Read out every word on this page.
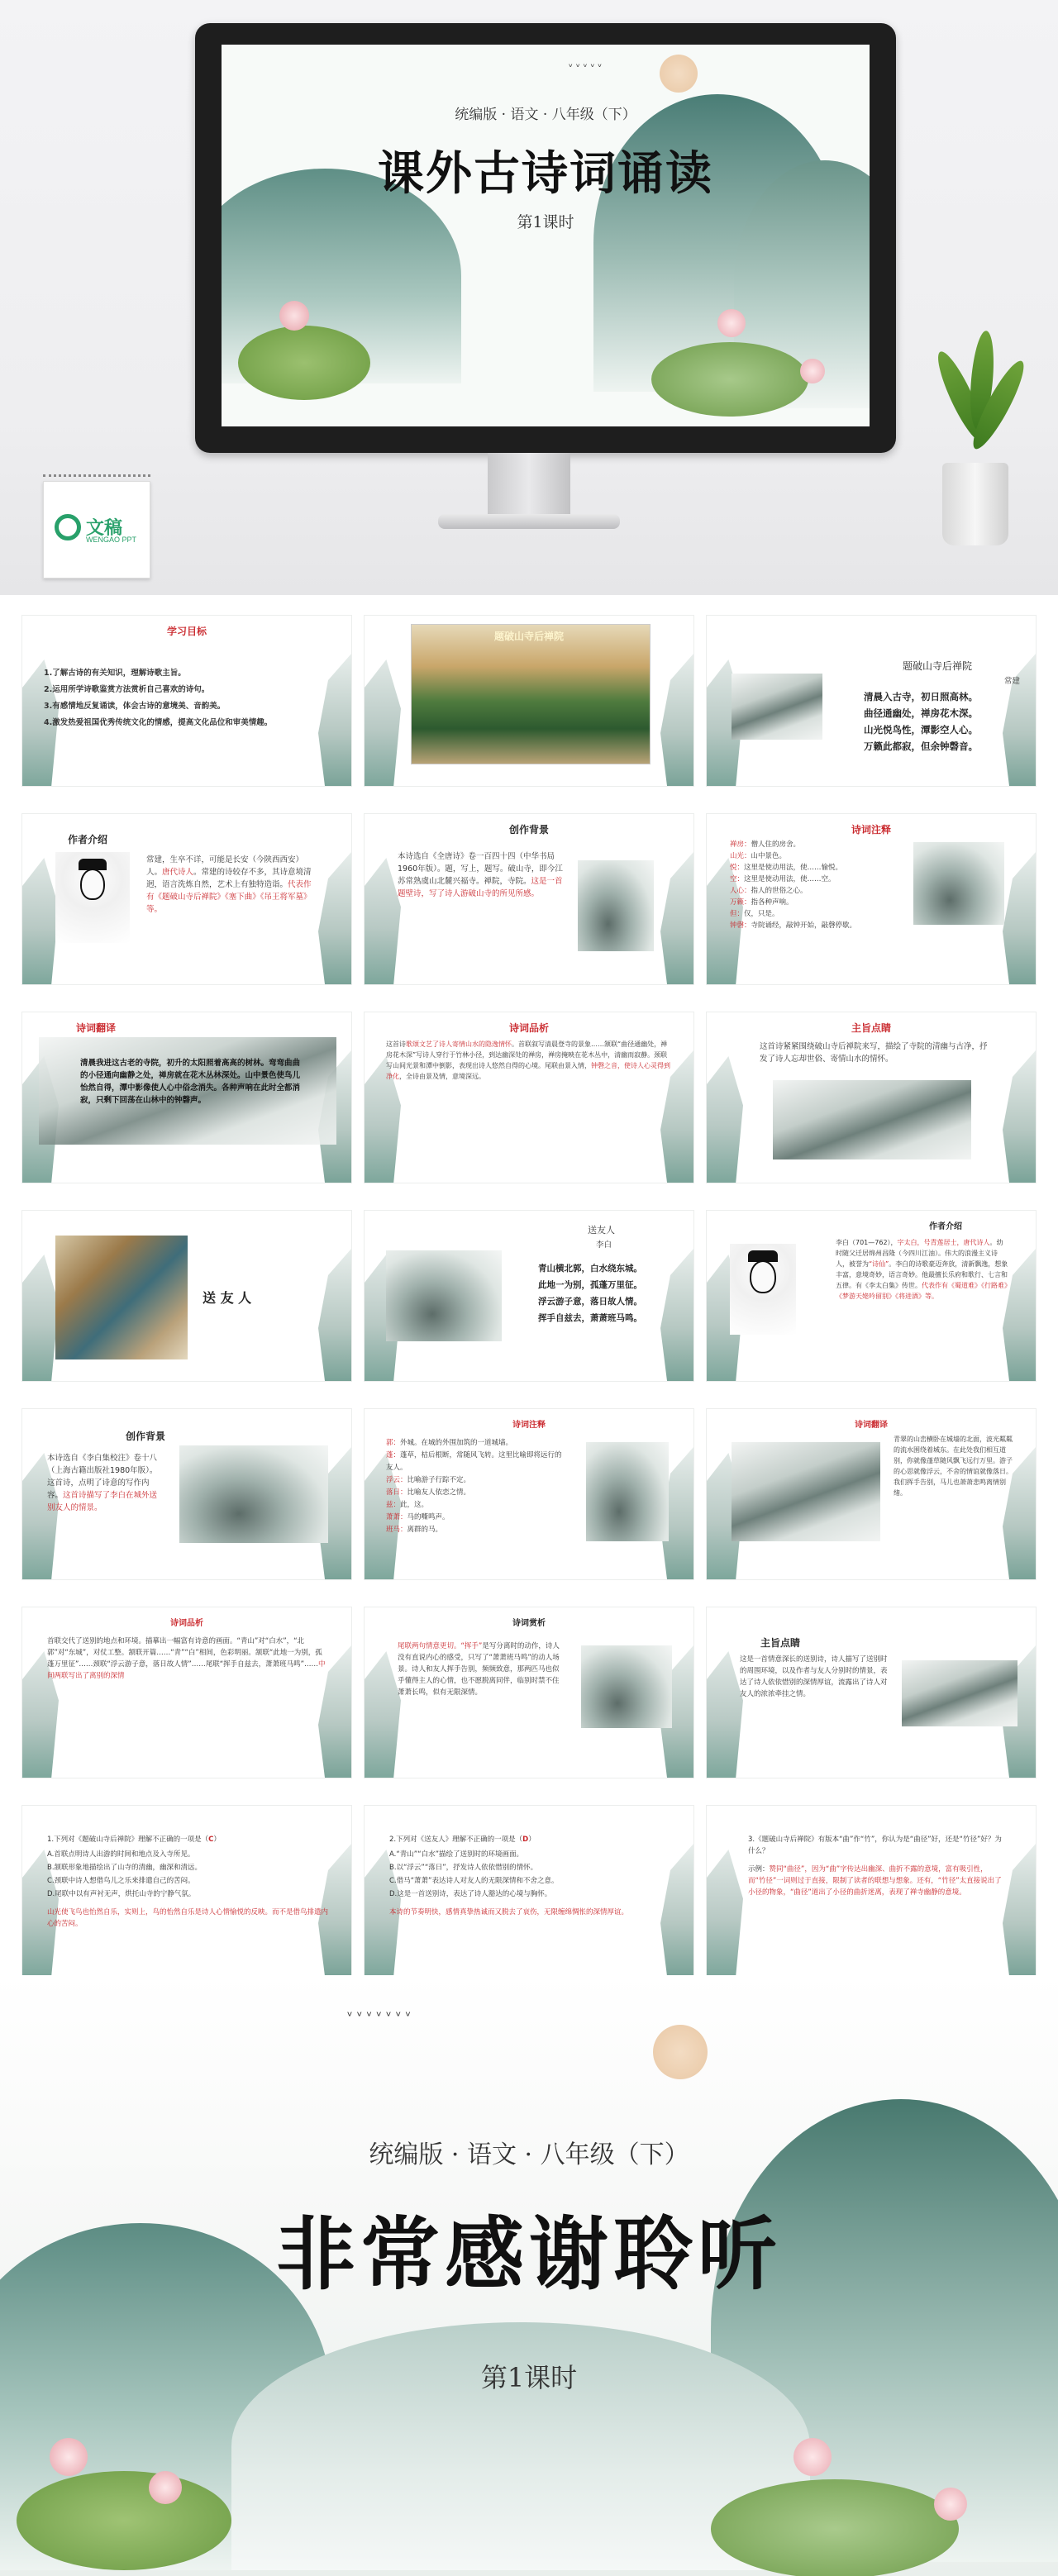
ᵛ ᵛ ᵛ ᵛ ᵛ
统编版 · 语文 · 八年级（下）
课外古诗词诵读
第1课时
文稿
WENGAO PPT
学习目标
1.了解古诗的有关知识，理解诗歌主旨。
2.运用所学诗歌鉴赏方法赏析自己喜欢的诗句。
3.有感情地反复诵读，体会古诗的意境美、音韵美。
4.激发热爱祖国优秀传统文化的情感，提高文化品位和审美情趣。
题破山寺后禅院
题破山寺后禅院
常建
清晨入古寺，初日照高林。
曲径通幽处，禅房花木深。
山光悦鸟性，潭影空人心。
万籁此都寂，但余钟磬音。
作者介绍
常建，生卒不详，可能是长安（今陕西西安）人。唐代诗人。常建的诗较存不多，其诗意境清迥，语言洗炼自然，艺术上有独特造诣。代表作有《题破山寺后禅院》《塞下曲》《吊王将军墓》等。
创作背景
本诗选自《全唐诗》卷一百四十四（中华书局1960年版）。题，写上，题写。破山寺，即今江苏常熟虞山北麓兴福寺。禅院，寺院。这是一首题壁诗，写了诗人游破山寺的所见所感。
诗词注释
禅房：僧人住的房舍。
山光：山中景色。
悦：这里是使动用法，使……愉悦。
空：这里是使动用法，使……空。
人心：指人的世俗之心。
万籁：指各种声响。
但：仅，只是。
钟磬：寺院诵经，敲钟开始，敲磬停歇。
诗词翻译
清晨我进这古老的寺院，初升的太阳照着高高的树林。弯弯曲曲的小径通向幽静之处，禅房就在花木丛林深处。山中景色使鸟儿怡然自得，潭中影像使人心中俗念消失。各种声响在此时全都消寂，只剩下回荡在山林中的钟磬声。
诗词品析
这首诗歌颂文艺了诗人寄情山水的隐逸情怀。首联叙写清晨登寺的景象……颔联“曲径通幽处，禅房花木深”写诗人穿行于竹林小径，到达幽深处的禅房，禅房掩映在花木丛中，清幽而寂静。颈联写山间光景和潭中倒影，表现出诗人悠然自得的心境。尾联由景入情，钟磬之音，使诗人心灵得到净化，全诗由景及情，意境深远。
主旨点睛
这首诗紧紧围绕破山寺后禅院来写，描绘了寺院的清幽与古净，抒发了诗人忘却世俗、寄情山水的情怀。
送 友 人
送友人
李白
青山横北郭，白水绕东城。
此地一为别，孤蓬万里征。
浮云游子意，落日故人情。
挥手自兹去，萧萧班马鸣。
作者介绍
李白（701—762），字太白，号青莲居士，唐代诗人。幼时随父迁居绵州昌隆（今四川江油）。伟大的浪漫主义诗人，被誉为“诗仙”。李白的诗歌豪迈奔放，清新飘逸，想象丰富，意境奇妙，语言奇妙。他最擅长乐府和歌行、七言和五律。有《李太白集》传世。代表作有《蜀道难》《行路难》《梦游天姥吟留别》《将进酒》等。
创作背景
本诗选自《李白集校注》卷十八（上海古籍出版社1980年版）。这首诗，点明了诗意的写作内容。这首诗描写了李白在城外送别友人的情景。
诗词注释
郭：外城。在城的外围加筑的一道城墙。
蓬：蓬草，枯后根断，常随风飞转。这里比喻即将远行的友人。
浮云：比喻游子行踪不定。
落日：比喻友人依恋之情。
兹：此，这。
萧萧：马的嘶鸣声。
班马：离群的马。
诗词翻译
青翠的山峦横卧在城墙的北面，波光粼粼的流水围绕着城东。在此处我们相互道别，你就像蓬草随风飘飞远行万里。游子的心思就像浮云，不舍的情谊就像落日。我们挥手告别，马儿也萧萧悲鸣离情别绪。
诗词品析
首联交代了送别的地点和环境。描摹出一幅富有诗意的画面。“青山”对“白水”，“北郭”对“东城”，对仗工整。颔联开篇……“青”“白”相间，色彩明丽。颔联“此地一为别，孤蓬万里征”……颈联“浮云游子意，落日故人情”……尾联“挥手自兹去，萧萧班马鸣”……中间两联写出了离别的深情
诗词赏析
尾联两句情意更切。“挥手”是写分离时的动作，诗人没有直说内心的感受，只写了“萧萧班马鸣”的动人场景。诗人和友人挥手告别，频频致意，那两匹马也似乎懂得主人的心情，也不愿脱离同伴，临别时禁不住萧萧长鸣，似有无限深情。
主旨点睛
这是一首情意深长的送别诗，诗人描写了送别时的周围环境，以及作者与友人分别时的情景，表达了诗人依依惜别的深情厚谊，流露出了诗人对友人的浓浓牵挂之情。
1.下列对《题破山寺后禅院》理解不正确的一项是（C）
A.首联点明诗人出游的时间和地点及入寺所见。
B.颔联形象地描绘出了山寺的清幽，幽深和清远。
C.颈联中诗人想借鸟儿之乐来排遣自己的苦闷。
D.尾联中以有声衬无声，烘托山寺的宁静气氛。
山光使飞鸟也怡然自乐，实则上，鸟的怡然自乐是诗人心情愉悦的反映。而不是借鸟排遣内心的苦闷。
2.下列对《送友人》理解不正确的一项是（D）
A.“青山”“白水”描绘了送别时的环境画面。
B.以“浮云”“落日”，抒发诗人依依惜别的情怀。
C.借马“萧萧”表达诗人对友人的无限深情和不舍之意。
D.这是一首送别诗，表达了诗人豁达的心境与胸怀。
本诗的节奏明快，感情真挚热诚而又脱去了哀伤，无限缠绵惆怅的深情厚谊。
3.《题破山寺后禅院》有版本“曲”作“竹”，你认为是“曲径”好，还是“竹径”好？为什么？
示例：赞同“曲径”，因为“曲”字传达出幽深、曲折不露的意境，富有吸引性，而“竹径”一词则过于直接，限制了读者的联想与想象。还有，“竹径”太直接说出了小径的物象，“曲径”道出了小径的曲折迷离，表现了禅寺幽静的意境。
ᵛ ᵛ ᵛ ᵛ ᵛ ᵛ ᵛ
统编版 · 语文 · 八年级（下）
非常感谢聆听
第1课时
